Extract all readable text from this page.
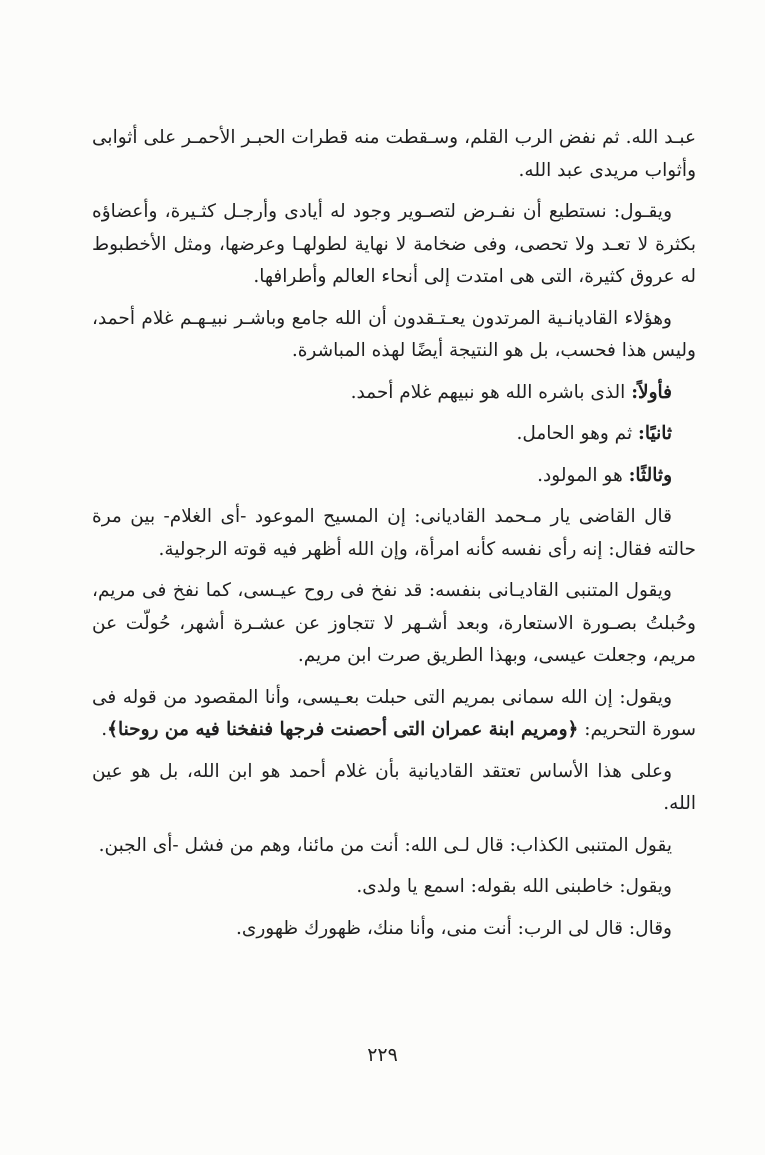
عبـد الله. ثم نفض الرب القلم، وسـقطت منه قطرات الحبـر الأحمـر على أثوابى وأثواب مريدى عبد الله.

ويقـول: نستطيع أن نفـرض لتصـوير وجود له أيادى وأرجـل كثـيرة، وأعضاؤه بكثرة لا تعـد ولا تحصى، وفى ضخامة لا نهاية لطولهـا وعرضها، ومثل الأخطبوط له عروق كثيرة، التى هى امتدت إلى أنحاء العالم وأطرافها.

وهؤلاء القاديانـية المرتدون يعـتـقدون أن الله جامع وباشـر نبيـهـم غلام أحمد، وليس هذا فحسب، بل هو النتيجة أيضًا لهذه المباشرة.

فأولاً: الذى باشره الله هو نبيهم غلام أحمد.

ثانيًا: ثم وهو الحامل.

وثالثًا: هو المولود.

قال القاضى يار مـحمد القاديانى: إن المسيح الموعود -أى الغلام- بين مرة حالته فقال: إنه رأى نفسه كأنه امرأة، وإن الله أظهر فيه قوته الرجولية.

ويقول المتنبى القاديـانى بنفسه: قد نفخ فى روح عيـسى، كما نفخ فى مريم، وحُبلتُ بصـورة الاستعارة، وبعد أشـهر لا تتجاوز عن عشـرة أشهر، حُولّت عن مريم، وجعلت عيسى، وبهذا الطريق صرت ابن مريم.

ويقول: إن الله سمانى بمريم التى حبلت بعـيسى، وأنا المقصود من قوله فى سورة التحريم: ﴿ومريم ابنة عمران التى أحصنت فرجها فنفخنا فيه من روحنا﴾.

وعلى هذا الأساس تعتقد القاديانية بأن غلام أحمد هو ابن الله، بل هو عين الله.

يقول المتنبى الكذاب: قال لـى الله: أنت من مائنا، وهم من فشل -أى الجبن.

ويقول: خاطبنى الله بقوله: اسمع يا ولدى.

وقال: قال لى الرب: أنت منى، وأنا منك، ظهورك ظهورى.

٢٢٩
